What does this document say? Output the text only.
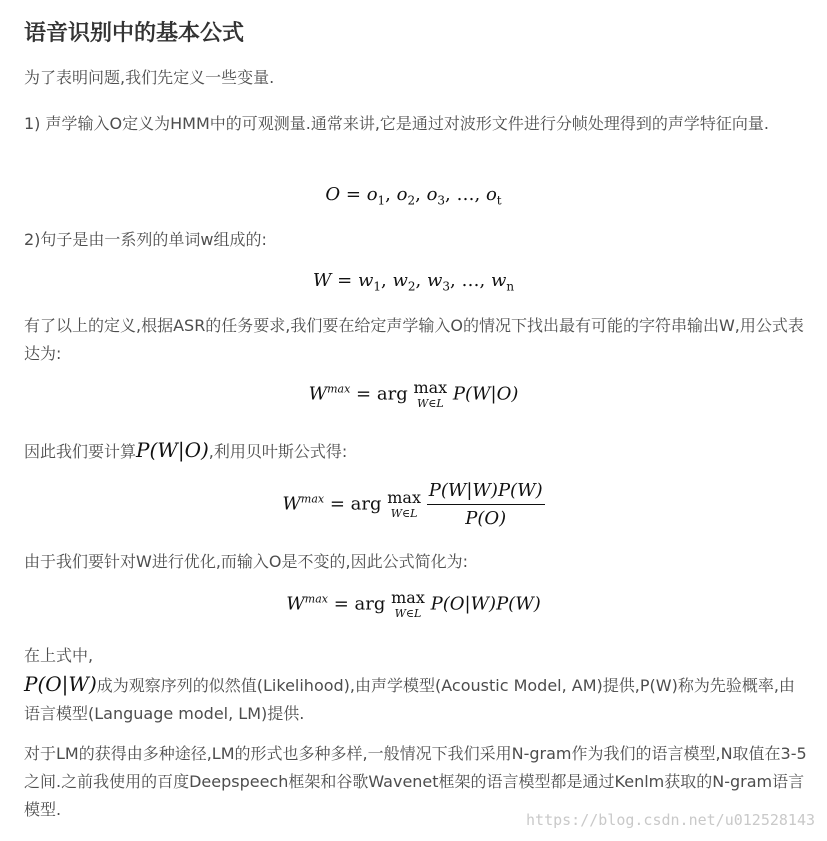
语音识别中的基本公式

为了表明问题,我们先定义一些变量.

1) 声学输入O定义为HMM中的可观测量.通常来讲,它是通过对波形文件进行分帧处理得到的声学特征向量.

$O = o_1$, $o_2$, $o_3$, …, $o_t$

2)句子是由一系列的单词w组成的:

$W = w_1$, $w_2$, $w_3$, …, $w_n$

有了以上的定义,根据ASR的任务要求,我们要在给定声学输入O的情况下找出最有可能的字符串输出W,用公式表达为:

$W^{max}$ = arg max
W∈L P(W|O)

因此我们要计算P(W|O),利用贝叶斯公式得:

$W^{max}$ = arg max
W∈L
$\frac{P(W|W)P(W)}{P(O)}$

由于我们要针对W进行优化,而输入O是不变的,因此公式简化为:

$W^{max}$ = arg max
W∈L P(O|W)P(W)
在上式中,
P(O|W)成为观察序列的似然值(Likelihood),由声学模型(Acoustic Model, AM)提供,P(W)称为先验概率,由语言模型(Language model, LM)提供.

对于LM的获得由多种途径,LM的形式也多种多样,一般情况下我们采用N-gram作为我们的语言模型,N取值在3-5之间.之前我使用的百度Deepspeech框架和谷歌Wavenet框架的语言模型都是通过Kenlm获取的N-gram语言模型.

https://blog.csdn.net/u012528143
